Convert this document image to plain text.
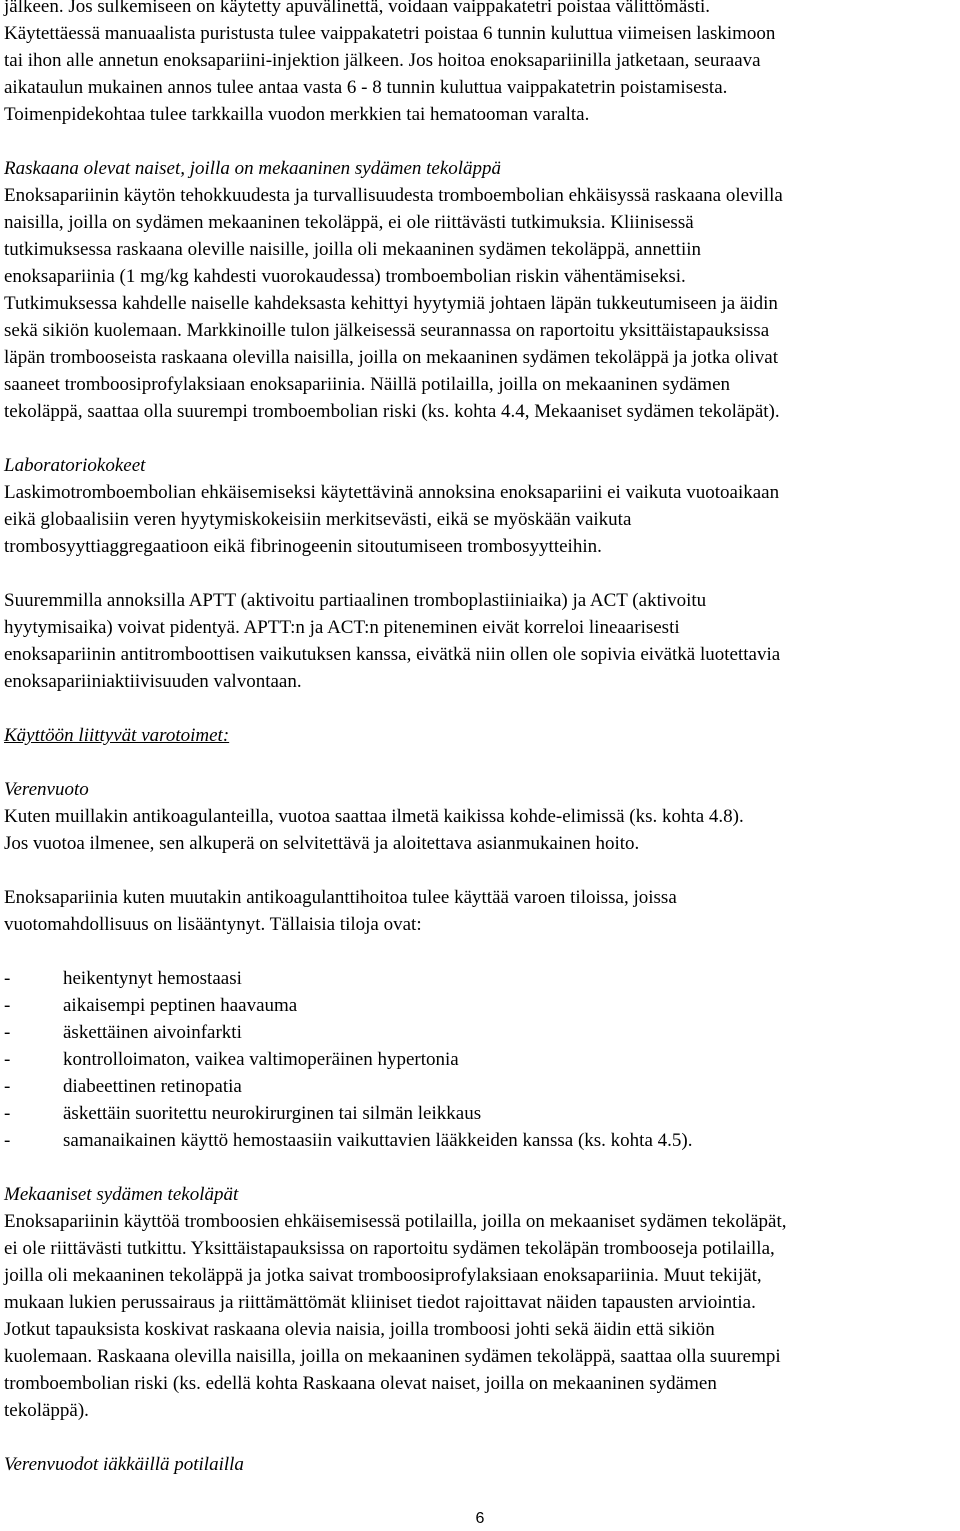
jälkeen. Jos sulkemiseen on käytetty apuvälinettä, voidaan vaippakatetri poistaa välittömästi.

Käytettäessä manuaalista puristusta tulee vaippakatetri poistaa 6 tunnin kuluttua viimeisen laskimoon

tai ihon alle annetun enoksapariini-injektion jälkeen. Jos hoitoa enoksapariinilla jatketaan, seuraava

aikataulun mukainen annos tulee antaa vasta 6 - 8 tunnin kuluttua vaippakatetrin poistamisesta.

Toimenpidekohtaa tulee tarkkailla vuodon merkkien tai hematooman varalta.

Raskaana olevat naiset, joilla on mekaaninen sydämen tekoläppä

Enoksapariinin käytön tehokkuudesta ja turvallisuudesta tromboembolian ehkäisyssä raskaana olevilla

naisilla, joilla on sydämen mekaaninen tekoläppä, ei ole riittävästi tutkimuksia. Kliinisessä

tutkimuksessa raskaana oleville naisille, joilla oli mekaaninen sydämen tekoläppä, annettiin

enoksapariinia (1 mg/kg kahdesti vuorokaudessa) tromboembolian riskin vähentämiseksi.

Tutkimuksessa kahdelle naiselle kahdeksasta kehittyi hyytymiä johtaen läpän tukkeutumiseen ja äidin

sekä sikiön kuolemaan. Markkinoille tulon jälkeisessä seurannassa on raportoitu yksittäistapauksissa

läpän trombooseista raskaana olevilla naisilla, joilla on mekaaninen sydämen tekoläppä ja jotka olivat

saaneet tromboosiprofylaksiaan enoksapariinia. Näillä potilailla, joilla on mekaaninen sydämen

tekoläppä, saattaa olla suurempi tromboembolian riski (ks. kohta 4.4, Mekaaniset sydämen tekoläpät).

Laboratoriokokeet

Laskimotromboembolian ehkäisemiseksi käytettävinä annoksina enoksapariini ei vaikuta vuotoaikaan

eikä globaalisiin veren hyytymiskokeisiin merkitsevästi, eikä se myöskään vaikuta

trombosyyttiaggregaatioon eikä fibrinogeenin sitoutumiseen trombosyytteihin.

Suuremmilla annoksilla APTT (aktivoitu partiaalinen tromboplastiiniaika) ja ACT (aktivoitu

hyytymisaika) voivat pidentyä. APTT:n ja ACT:n piteneminen eivät korreloi lineaarisesti

enoksapariinin antitromboottisen vaikutuksen kanssa, eivätkä niin ollen ole sopivia eivätkä luotettavia

enoksapariiniaktiivisuuden valvontaan.

Käyttöön liittyvät varotoimet:

Verenvuoto

Kuten muillakin antikoagulanteilla, vuotoa saattaa ilmetä kaikissa kohde-elimissä (ks. kohta 4.8).

Jos vuotoa ilmenee, sen alkuperä on selvitettävä ja aloitettava asianmukainen hoito.

Enoksapariinia kuten muutakin antikoagulanttihoitoa tulee käyttää varoen tiloissa, joissa

vuotomahdollisuus on lisääntynyt. Tällaisia tiloja ovat:

-	heikentynyt hemostaasi
-	aikaisempi peptinen haavauma
-	äskettäinen aivoinfarkti
-	kontrolloimaton, vaikea valtimoperäinen hypertonia
-	diabeettinen retinopatia
-	äskettäin suoritettu neurokirurginen tai silmän leikkaus
-	samanaikainen käyttö hemostaasiin vaikuttavien lääkkeiden kanssa (ks. kohta 4.5).

Mekaaniset sydämen tekoläpät

Enoksapariinin käyttöä tromboosien ehkäisemisessä potilailla, joilla on mekaaniset sydämen tekoläpät,

ei ole riittävästi tutkittu. Yksittäistapauksissa on raportoitu sydämen tekoläpän trombooseja potilailla,

joilla oli mekaaninen tekoläppä ja jotka saivat tromboosiprofylaksiaan enoksapariinia. Muut tekijät,

mukaan lukien perussairaus ja riittämättömät kliiniset tiedot rajoittavat näiden tapausten arviointia.

Jotkut tapauksista koskivat raskaana olevia naisia, joilla tromboosi johti sekä äidin että sikiön

kuolemaan. Raskaana olevilla naisilla, joilla on mekaaninen sydämen tekoläppä, saattaa olla suurempi

tromboembolian riski (ks. edellä kohta Raskaana olevat naiset, joilla on mekaaninen sydämen

tekoläppä).

Verenvuodot iäkkäillä potilailla

6
